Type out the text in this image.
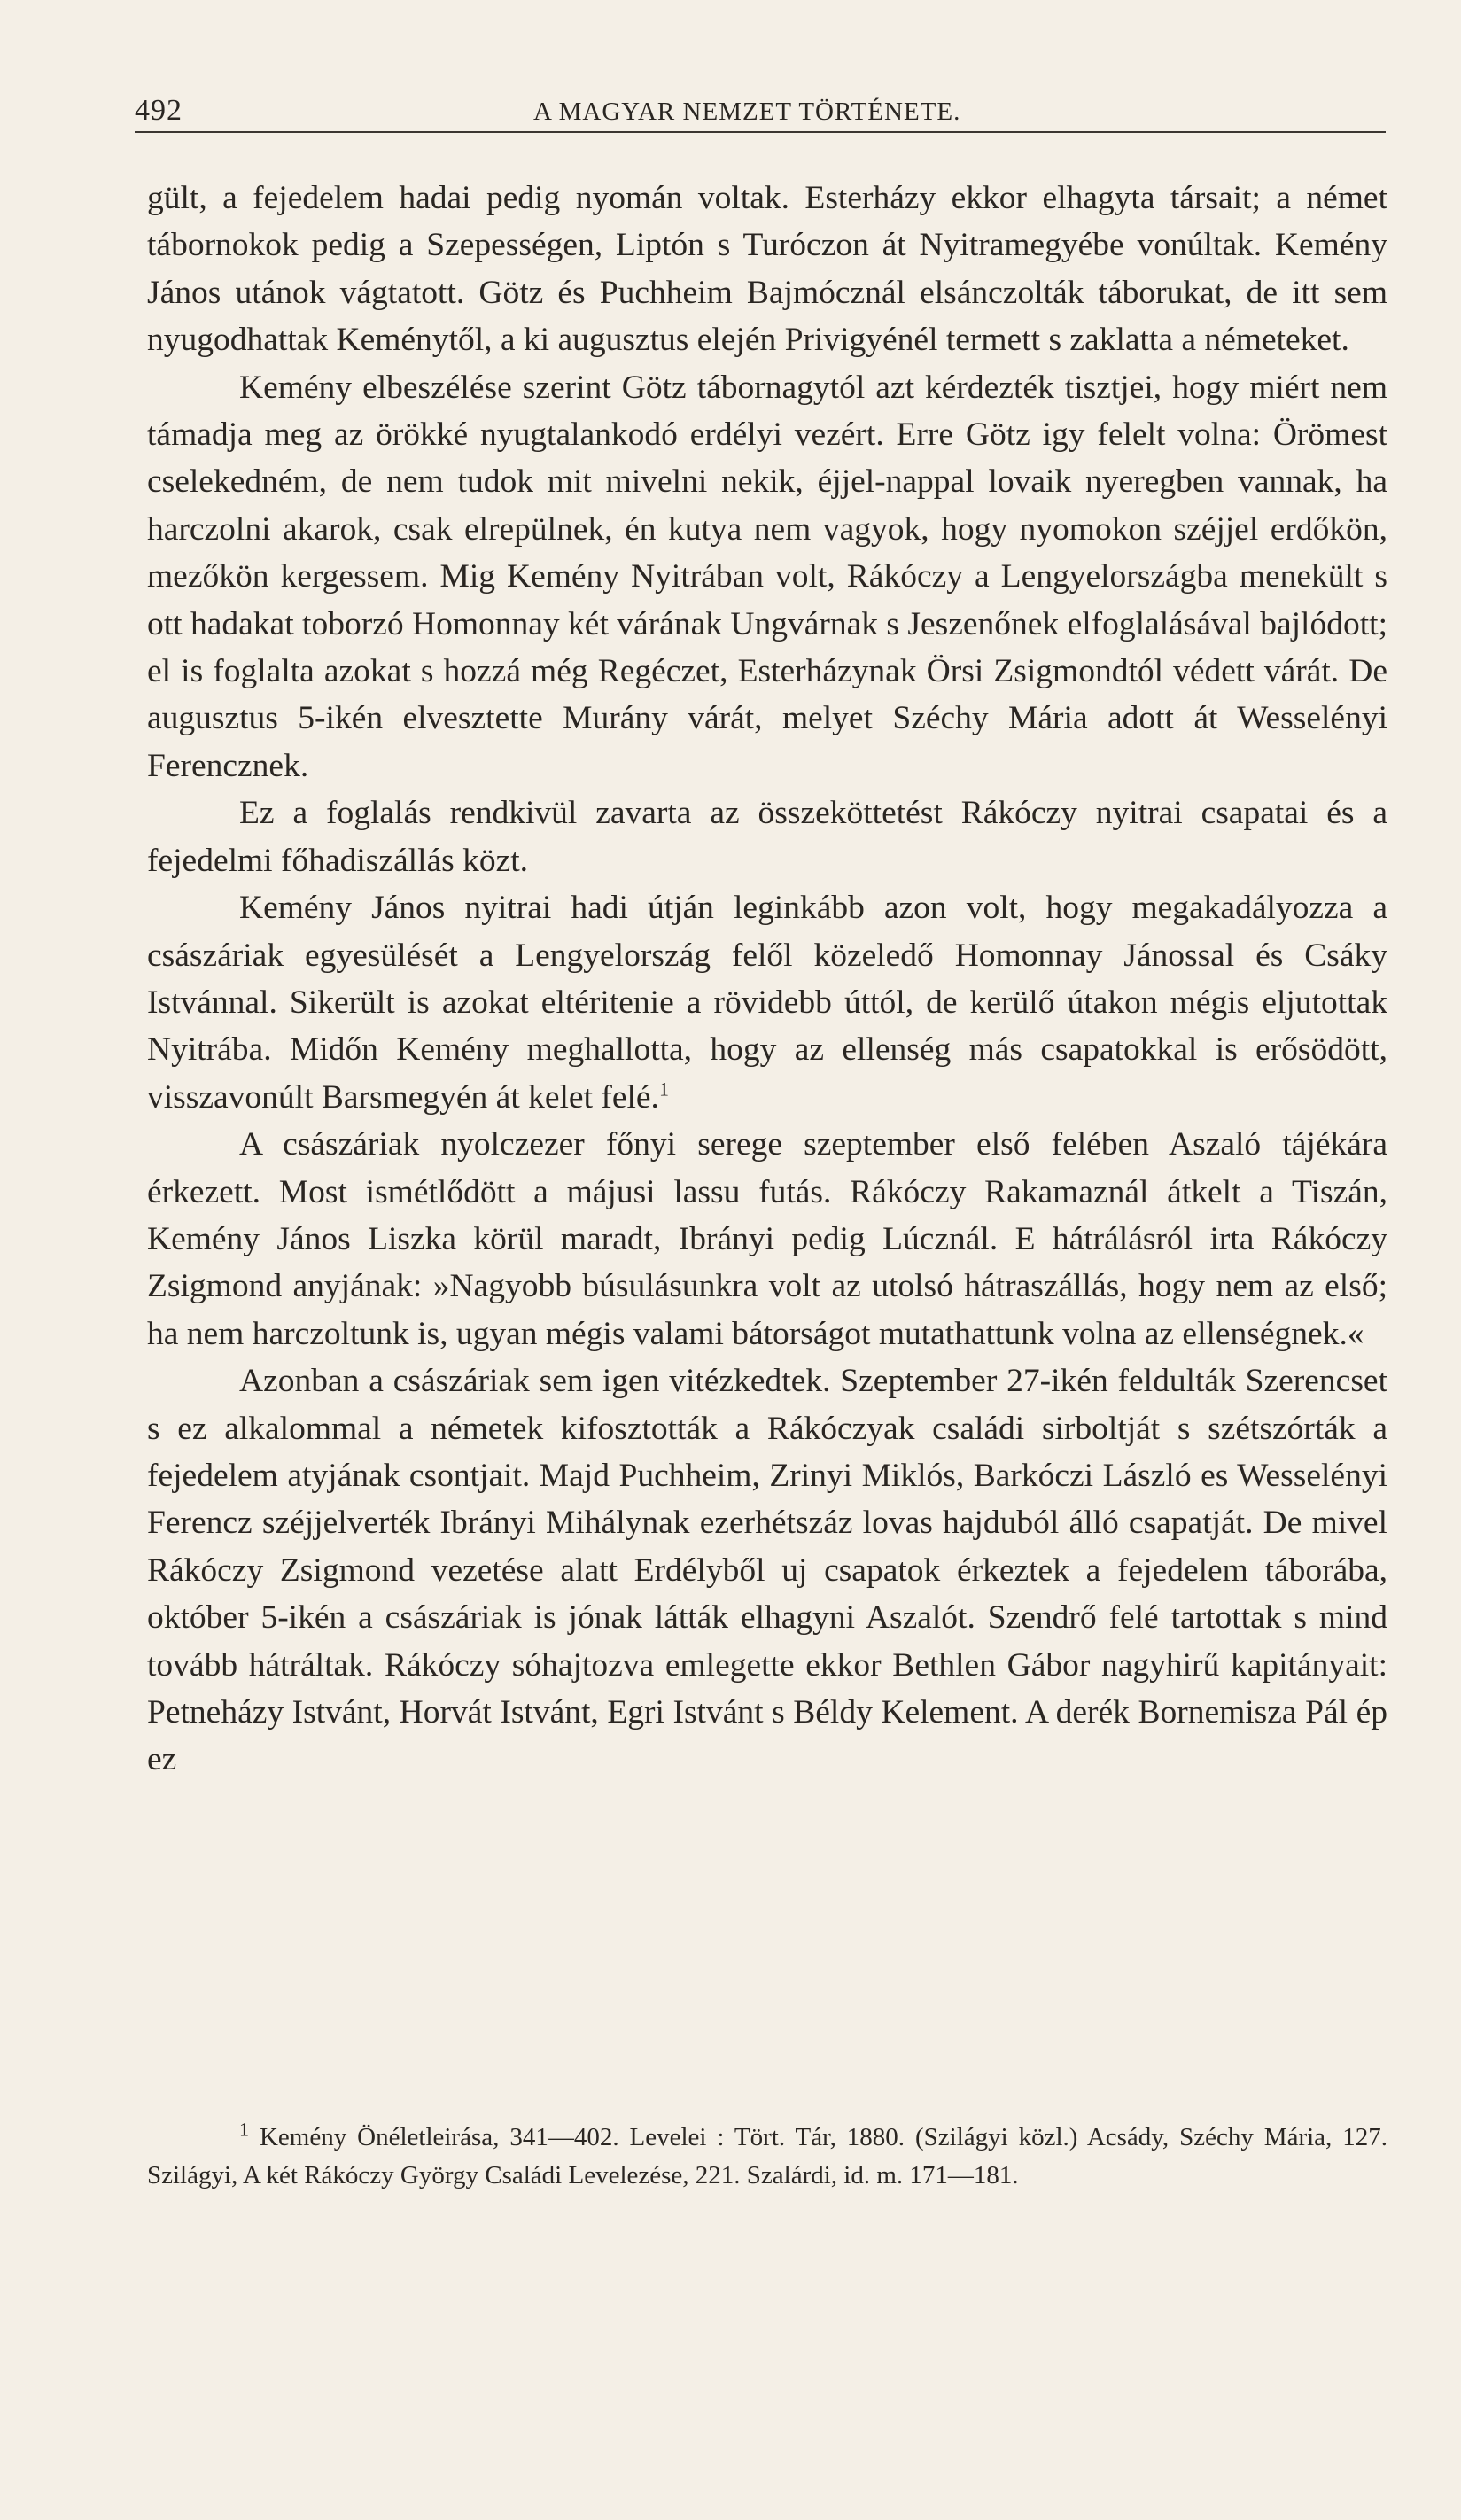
492	A MAGYAR NEMZET TÖRTÉNETE.

gült, a fejedelem hadai pedig nyomán voltak. Esterházy ekkor elhagyta társait; a német tábornokok pedig a Szepességen, Liptón s Turóczon át Nyitramegyébe vonúltak. Kemény János utánok vágtatott. Götz és Puchheim Bajmócznál elsánczolták táborukat, de itt sem nyugodhattak Keménytől, a ki augusztus elején Privigyénél termett s zaklatta a németeket.

Kemény elbeszélése szerint Götz tábornagytól azt kérdezték tisztjei, hogy miért nem támadja meg az örökké nyugtalankodó erdélyi vezért. Erre Götz igy felelt volna: Örömest cselekedném, de nem tudok mit mivelni nekik, éjjel-nappal lovaik nyeregben vannak, ha harczolni akarok, csak elrepülnek, én kutya nem vagyok, hogy nyomokon széjjel erdőkön, mezőkön kergessem. Mig Kemény Nyitrában volt, Rákóczy a Lengyelországba menekült s ott hadakat toborzó Homonnay két várának Ungvárnak s Jeszenőnek elfoglalásával bajlódott; el is foglalta azokat s hozzá még Regéczet, Esterházynak Örsi Zsigmondtól védett várát. De augusztus 5-ikén elvesztette Murány várát, melyet Széchy Mária adott át Wesselényi Ferencznek.

Ez a foglalás rendkivül zavarta az összeköttetést Rákóczy nyitrai csapatai és a fejedelmi főhadiszállás közt.

Kemény János nyitrai hadi útján leginkább azon volt, hogy megakadályozza a császáriak egyesülését a Lengyelország felől közeledő Homonnay Jánossal és Csáky Istvánnal. Sikerült is azokat eltéritenie a rövidebb úttól, de kerülő útakon mégis eljutottak Nyitrába. Midőn Kemény meghallotta, hogy az ellenség más csapatokkal is erősödött, visszavonúlt Barsmegyén át kelet felé.$^1$

A császáriak nyolczezer főnyi serege szeptember első felében Aszaló tájékára érkezett. Most ismétlődött a májusi lassu futás. Rákóczy Rakamaznál átkelt a Tiszán, Kemény János Liszka körül maradt, Ibrányi pedig Lúcznál. E hátrálásról irta Rákóczy Zsigmond anyjának: »Nagyobb búsulásunkra volt az utolsó hátraszállás, hogy nem az első; ha nem harczoltunk is, ugyan mégis valami bátorságot mutathattunk volna az ellenségnek.«

Azonban a császáriak sem igen vitézkedtek. Szeptember 27-ikén feldulták Szerencset s ez alkalommal a németek kifosztották a Rákóczyak családi sirboltját s szétszórták a fejedelem atyjának csontjait. Majd Puchheim, Zrinyi Miklós, Barkóczi László es Wesselényi Ferencz széjjelverték Ibrányi Mihálynak ezerhétszáz lovas hajduból álló csapatját. De mivel Rákóczy Zsigmond vezetése alatt Erdélyből uj csapatok érkeztek a fejedelem táborába, október 5-ikén a császáriak is jónak látták elhagyni Aszalót. Szendrő felé tartottak s mind tovább hátráltak. Rákóczy sóhajtozva emlegette ekkor Bethlen Gábor nagyhirű kapitányait: Petneházy Istvánt, Horvát Istvánt, Egri Istvánt s Béldy Kelement. A derék Bornemisza Pál ép ez

$^1$ Kemény Önéletleirása, 341—402. Levelei : Tört. Tár, 1880. (Szilágyi közl.) Acsády, Széchy Mária, 127. Szilágyi, A két Rákóczy György Családi Levelezése, 221. Szalárdi, id. m. 171—181.
